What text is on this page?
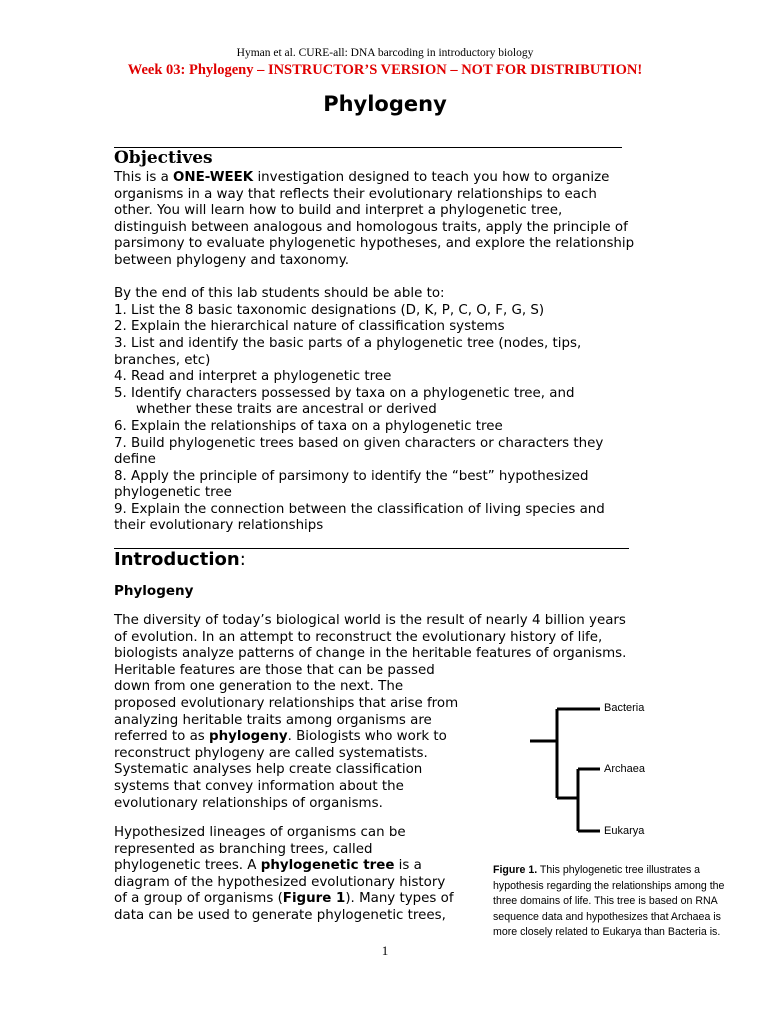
Hyman et al. CURE-all: DNA barcoding in introductory biology
Week 03: Phylogeny – INSTRUCTOR’S VERSION – NOT FOR DISTRIBUTION!
Phylogeny
Objectives
This is a ONE-WEEK investigation designed to teach you how to organize
organisms in a way that reflects their evolutionary relationships to each
other. You will learn how to build and interpret a phylogenetic tree,
distinguish between analogous and homologous traits, apply the principle of
parsimony to evaluate phylogenetic hypotheses, and explore the relationship
between phylogeny and taxonomy.
By the end of this lab students should be able to:
1. List the 8 basic taxonomic designations (D, K, P, C, O, F, G, S)
2. Explain the hierarchical nature of classification systems
3. List and identify the basic parts of a phylogenetic tree (nodes, tips,
branches, etc)
4. Read and interpret a phylogenetic tree
5. Identify characters possessed by taxa on a phylogenetic tree, and
whether these traits are ancestral or derived
6. Explain the relationships of taxa on a phylogenetic tree
7. Build phylogenetic trees based on given characters or characters they
define
8. Apply the principle of parsimony to identify the “best” hypothesized
phylogenetic tree
9. Explain the connection between the classification of living species and
their evolutionary relationships
Introduction:
Phylogeny
The diversity of today’s biological world is the result of nearly 4 billion years
of evolution. In an attempt to reconstruct the evolutionary history of life,
biologists analyze patterns of change in the heritable features of organisms.
Heritable features are those that can be passed
down from one generation to the next. The
proposed evolutionary relationships that arise from
analyzing heritable traits among organisms are
referred to as phylogeny. Biologists who work to
reconstruct phylogeny are called systematists.
Systematic analyses help create classification
systems that convey information about the
evolutionary relationships of organisms.
Hypothesized lineages of organisms can be
represented as branching trees, called
phylogenetic trees. A phylogenetic tree is a
diagram of the hypothesized evolutionary history
of a group of organisms (Figure 1). Many types of
data can be used to generate phylogenetic trees,
Bacteria
Archaea
Eukarya
Figure 1. This phylogenetic tree illustrates a hypothesis regarding the relationships among the three domains of life. This tree is based on RNA sequence data and hypothesizes that Archaea is more closely related to Eukarya than Bacteria is.
1
